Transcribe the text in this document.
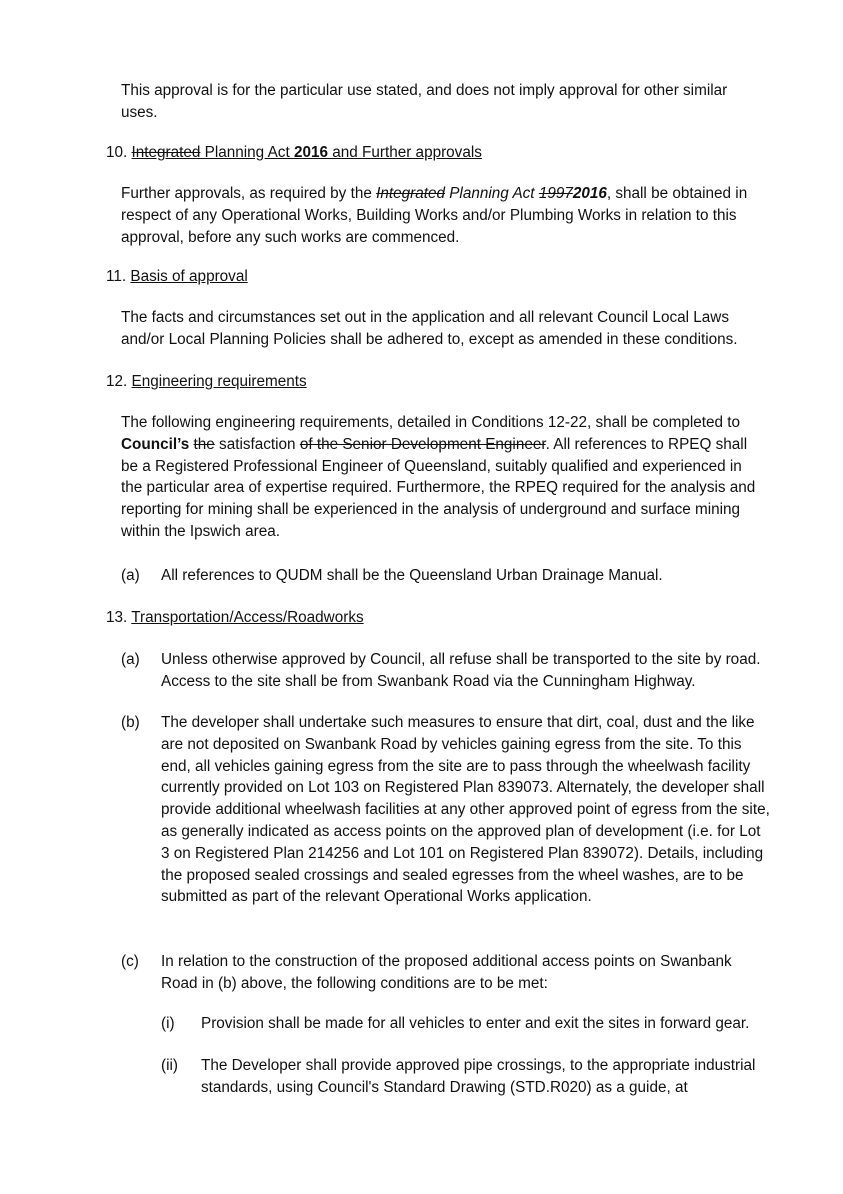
This approval is for the particular use stated, and does not imply approval for other similar uses.

10. Integrated Planning Act 2016 and Further approvals

Further approvals, as required by the Integrated Planning Act 19972016, shall be obtained in respect of any Operational Works, Building Works and/or Plumbing Works in relation to this approval, before any such works are commenced.

11. Basis of approval

The facts and circumstances set out in the application and all relevant Council Local Laws and/or Local Planning Policies shall be adhered to, except as amended in these conditions.

12. Engineering requirements

The following engineering requirements, detailed in Conditions 12-22, shall be completed to Council’s the satisfaction of the Senior Development Engineer. All references to RPEQ shall be a Registered Professional Engineer of Queensland, suitably qualified and experienced in the particular area of expertise required. Furthermore, the RPEQ required for the analysis and reporting for mining shall be experienced in the analysis of underground and surface mining within the Ipswich area.

(a) All references to QUDM shall be the Queensland Urban Drainage Manual.

13. Transportation/Access/Roadworks

(a) Unless otherwise approved by Council, all refuse shall be transported to the site by road. Access to the site shall be from Swanbank Road via the Cunningham Highway.
(b) The developer shall undertake such measures to ensure that dirt, coal, dust and the like are not deposited on Swanbank Road by vehicles gaining egress from the site. To this end, all vehicles gaining egress from the site are to pass through the wheelwash facility currently provided on Lot 103 on Registered Plan 839073. Alternately, the developer shall provide additional wheelwash facilities at any other approved point of egress from the site, as generally indicated as access points on the approved plan of development (i.e. for Lot 3 on Registered Plan 214256 and Lot 101 on Registered Plan 839072). Details, including the proposed sealed crossings and sealed egresses from the wheel washes, are to be submitted as part of the relevant Operational Works application.
(c) In relation to the construction of the proposed additional access points on Swanbank Road in (b) above, the following conditions are to be met:
(i) Provision shall be made for all vehicles to enter and exit the sites in forward gear.
(ii) The Developer shall provide approved pipe crossings, to the appropriate industrial standards, using Council's Standard Drawing (STD.R020) as a guide, at
